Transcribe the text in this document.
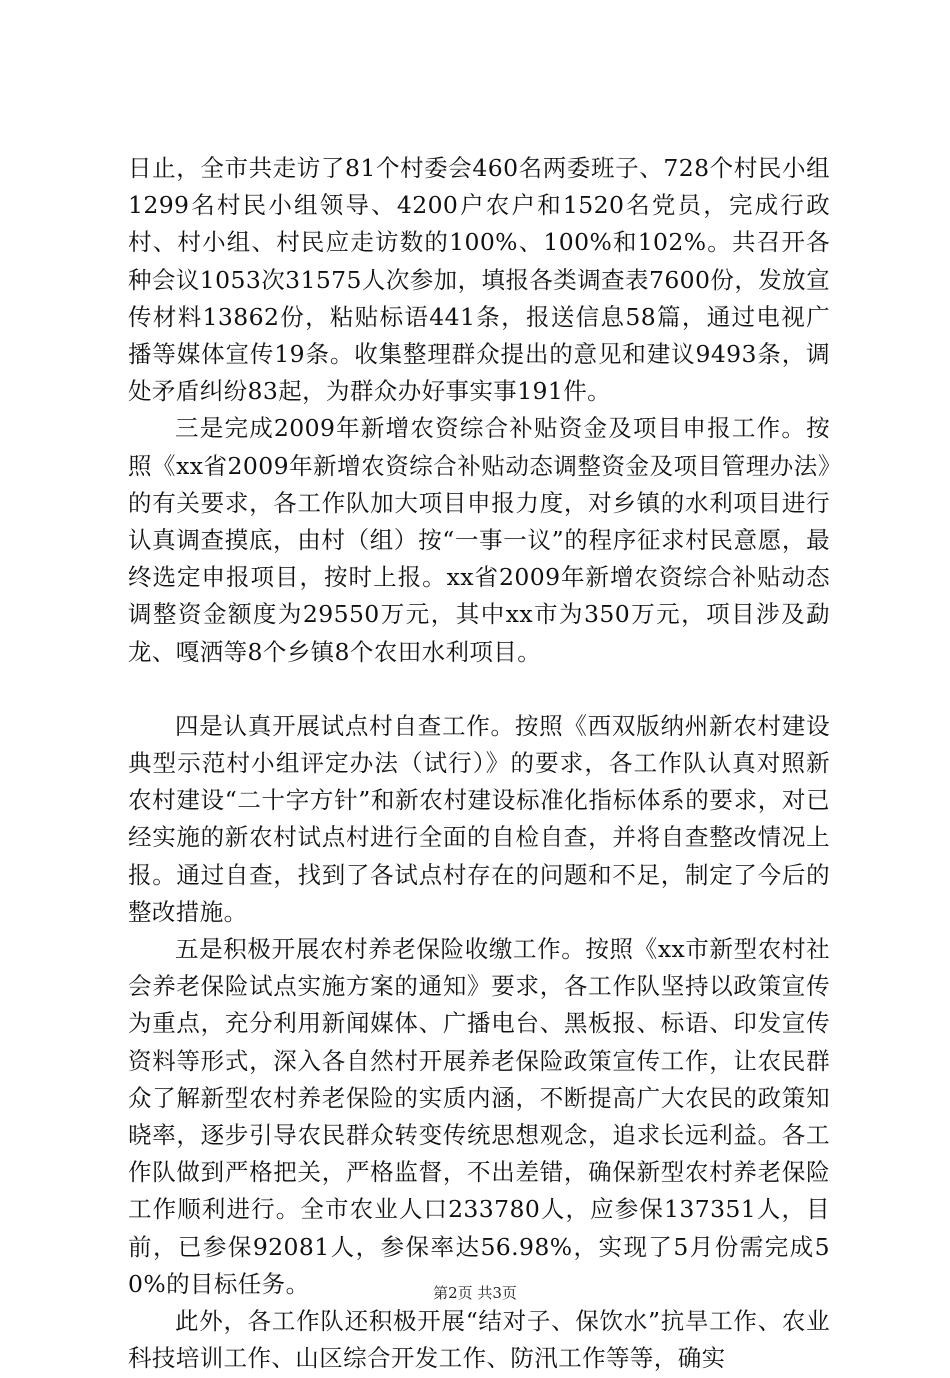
日止，全市共走访了81个村委会460名两委班子、728个村民小组1299名村民小组领导、4200户农户和1520名党员，完成行政村、村小组、村民应走访数的100%、100%和102%。共召开各种会议1053次31575人次参加，填报各类调查表7600份，发放宣传材料13862份，粘贴标语441条，报送信息58篇，通过电视广播等媒体宣传19条。收集整理群众提出的意见和建议9493条，调处矛盾纠纷83起，为群众办好事实事191件。

三是完成2009年新增农资综合补贴资金及项目申报工作。按照《xx省2009年新增农资综合补贴动态调整资金及项目管理办法》的有关要求，各工作队加大项目申报力度，对乡镇的水利项目进行认真调查摸底，由村（组）按“一事一议”的程序征求村民意愿，最终选定申报项目，按时上报。xx省2009年新增农资综合补贴动态调整资金额度为29550万元，其中xx市为350万元，项目涉及勐龙、嘎洒等8个乡镇8个农田水利项目。

四是认真开展试点村自查工作。按照《西双版纳州新农村建设典型示范村小组评定办法（试行）》的要求，各工作队认真对照新农村建设“二十字方针”和新农村建设标准化指标体系的要求，对已经实施的新农村试点村进行全面的自检自查，并将自查整改情况上报。通过自查，找到了各试点村存在的问题和不足，制定了今后的整改措施。

五是积极开展农村养老保险收缴工作。按照《xx市新型农村社会养老保险试点实施方案的通知》要求，各工作队坚持以政策宣传为重点，充分利用新闻媒体、广播电台、黑板报、标语、印发宣传资料等形式，深入各自然村开展养老保险政策宣传工作，让农民群众了解新型农村养老保险的实质内涵，不断提高广大农民的政策知晓率，逐步引导农民群众转变传统思想观念，追求长远利益。各工作队做到严格把关，严格监督，不出差错，确保新型农村养老保险工作顺利进行。全市农业人口233780人，应参保137351人，目前，已参保92081人，参保率达56.98%，实现了5月份需完成50%的目标任务。

此外，各工作队还积极开展“结对子、保饮水”抗旱工作、农业科技培训工作、山区综合开发工作、防汛工作等等，确实

第2页 共3页
